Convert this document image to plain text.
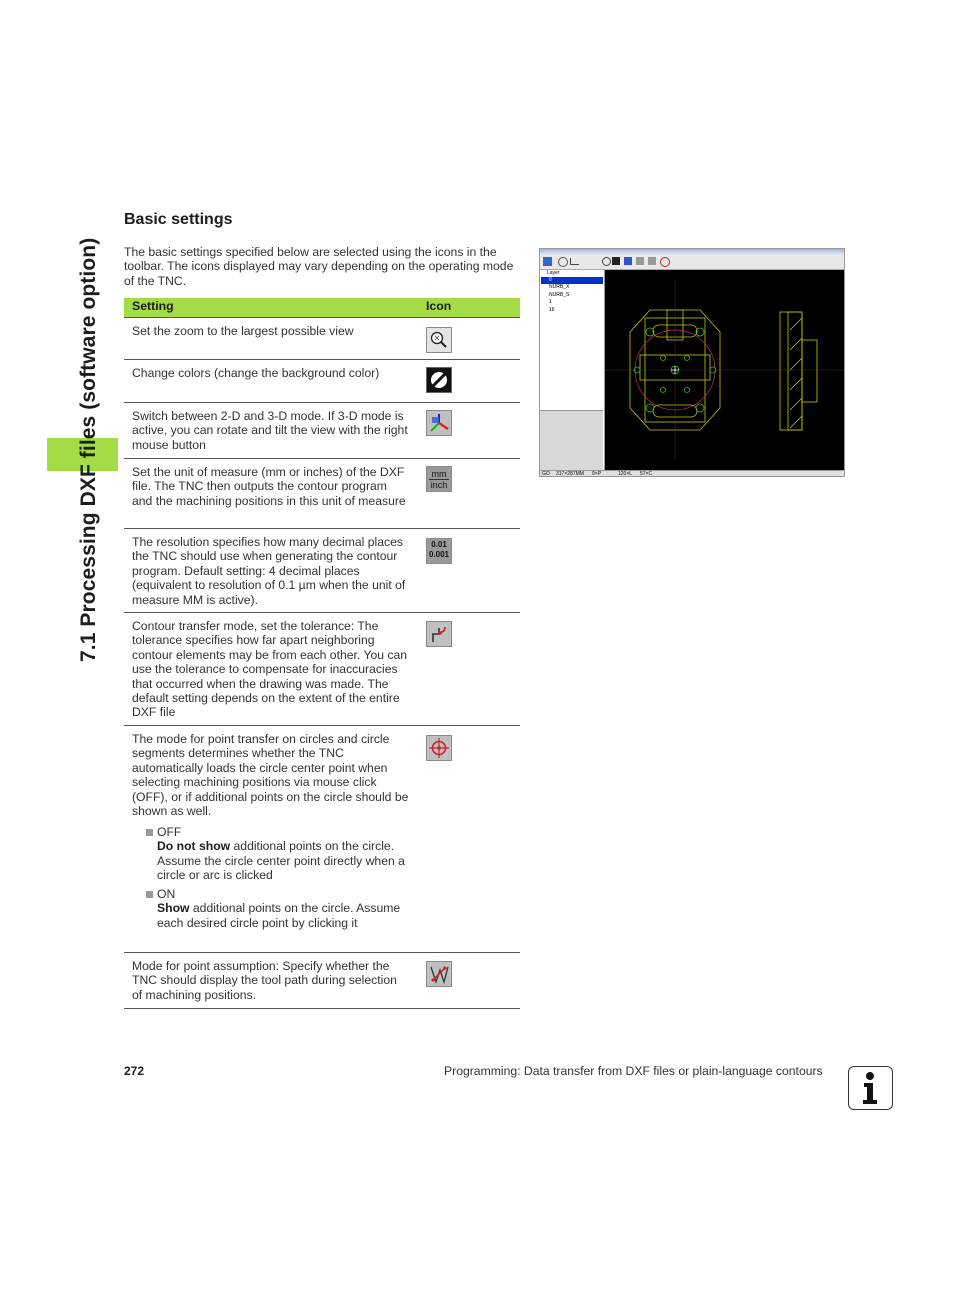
7.1 Processing DXF files (software option)
Basic settings
The basic settings specified below are selected using the icons in the toolbar. The icons displayed may vary depending on the operating mode of the TNC.
Setting	Icon
Set the zoom to the largest possible view
Change colors (change the background color)
Switch between 2-D and 3-D mode. If 3-D mode is active, you can rotate and tilt the view with the right mouse button
Set the unit of measure (mm or inches) of the DXF file. The TNC then outputs the contour program and the machining positions in this unit of measure
mm
inch
The resolution specifies how many decimal places the TNC should use when generating the contour program. Default setting: 4 decimal places (equivalent to resolution of 0.1 µm when the unit of measure MM is active).
0.01
0.001
Contour transfer mode, set the tolerance: The tolerance specifies how far apart neighboring contour elements may be from each other. You can use the tolerance to compensate for inaccuracies that occurred when the drawing was made. The default setting depends on the extent of the entire DXF file
The mode for point transfer on circles and circle segments determines whether the TNC automatically loads the circle center point when selecting machining positions via mouse click (OFF), or if additional points on the circle should be shown as well.
OFF
Do not show additional points on the circle. Assume the circle center point directly when a circle or arc is clicked
ON
Show additional points on the circle. Assume each desired circle point by clicking it
Mode for point assumption: Specify whether the TNC should display the tool path during selection of machining positions.
Layer
0
NURB_X
NURB_S
1
16
GO 317×287MM 0×P	120×L 57×C
272	Programming: Data transfer from DXF files or plain-language contours
